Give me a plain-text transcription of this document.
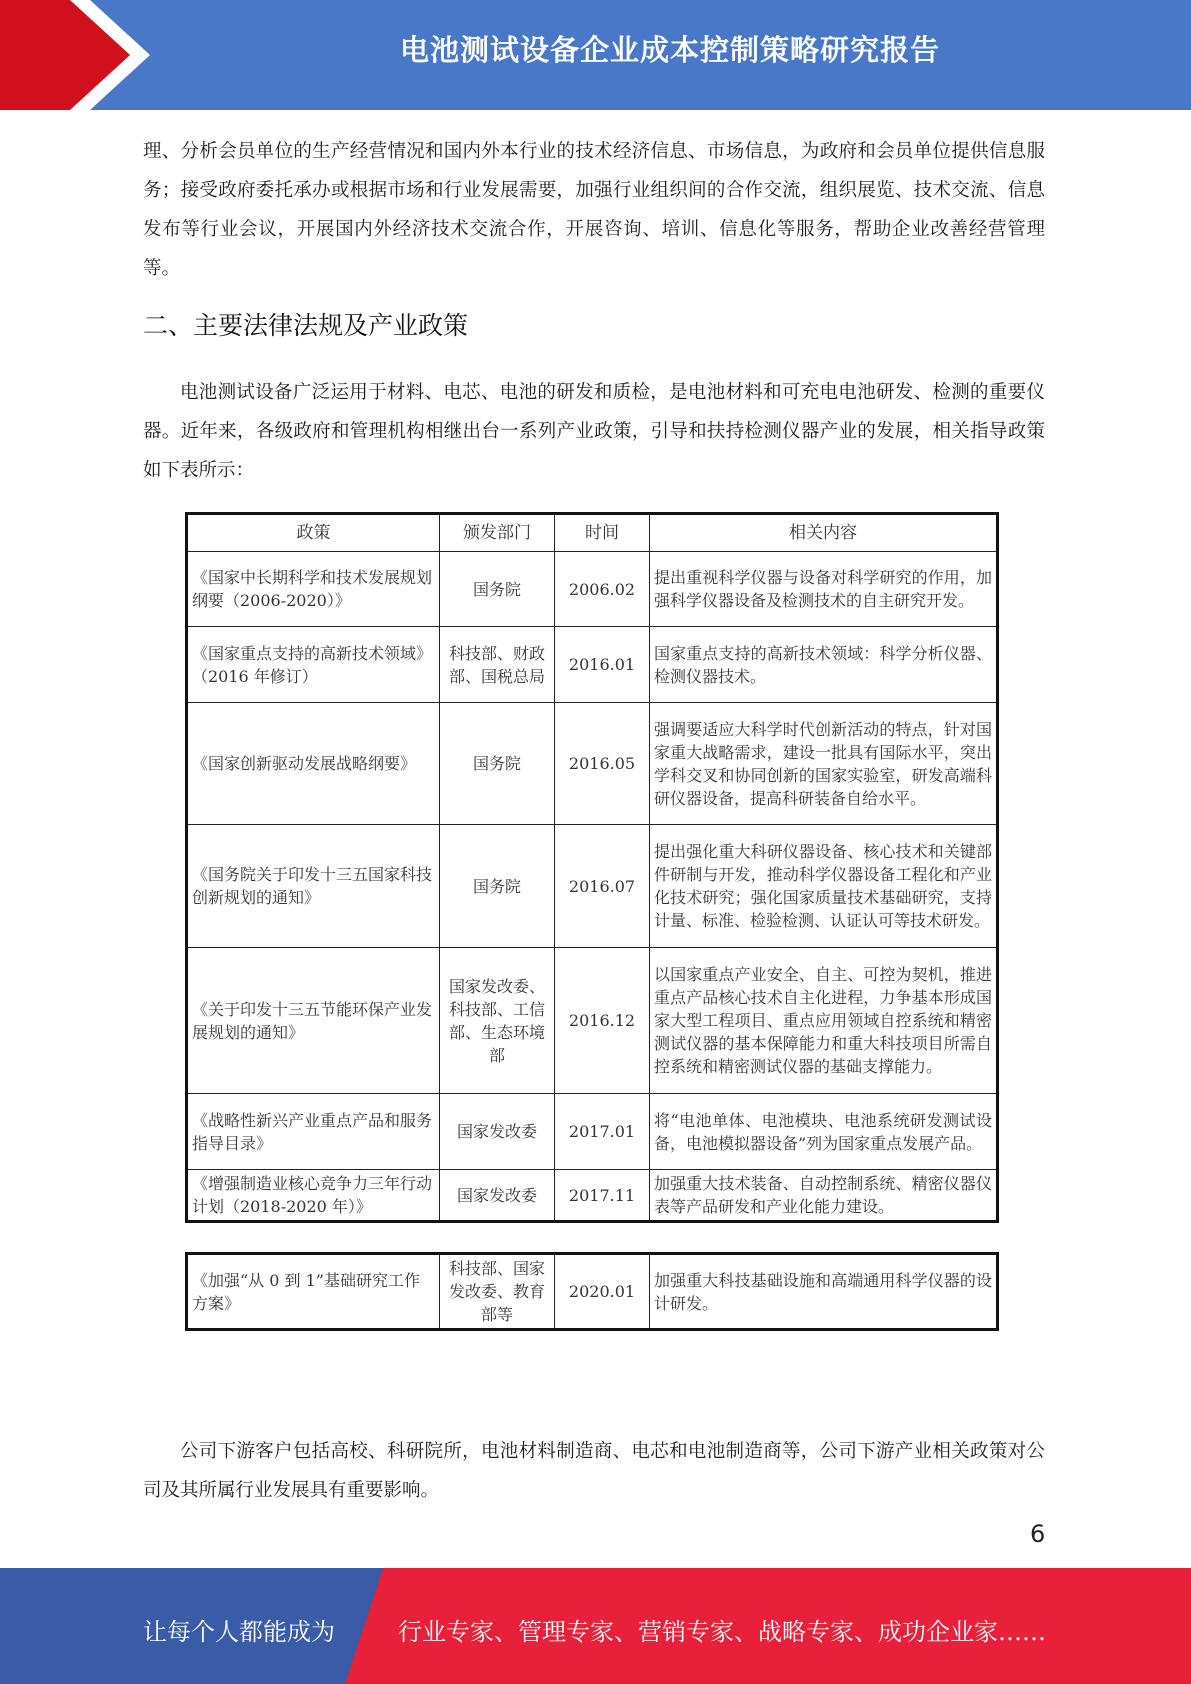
电池测试设备企业成本控制策略研究报告

理、分析会员单位的生产经营情况和国内外本行业的技术经济信息、市场信息，为政府和会员单位提供信息服务；接受政府委托承办或根据市场和行业发展需要，加强行业组织间的合作交流，组织展览、技术交流、信息发布等行业会议，开展国内外经济技术交流合作，开展咨询、培训、信息化等服务，帮助企业改善经营管理等。

二、主要法律法规及产业政策

电池测试设备广泛运用于材料、电芯、电池的研发和质检，是电池材料和可充电电池研发、检测的重要仪器。近年来，各级政府和管理机构相继出台一系列产业政策，引导和扶持检测仪器产业的发展，相关指导政策如下表所示：

政策	颁发部门	时间	相关内容
《国家中长期科学和技术发展规划纲要（2006-2020）》	国务院	2006.02	提出重视科学仪器与设备对科学研究的作用，加强科学仪器设备及检测技术的自主研究开发。
《国家重点支持的高新技术领域》（2016 年修订）	科技部、财政部、国税总局	2016.01	国家重点支持的高新技术领域：科学分析仪器、检测仪器技术。
《国家创新驱动发展战略纲要》	国务院	2016.05	强调要适应大科学时代创新活动的特点，针对国家重大战略需求，建设一批具有国际水平，突出学科交叉和协同创新的国家实验室，研发高端科研仪器设备，提高科研装备自给水平。
《国务院关于印发十三五国家科技创新规划的通知》	国务院	2016.07	提出强化重大科研仪器设备、核心技术和关键部件研制与开发，推动科学仪器设备工程化和产业化技术研究；强化国家质量技术基础研究，支持计量、标准、检验检测、认证认可等技术研发。
《关于印发十三五节能环保产业发展规划的通知》	国家发改委、科技部、工信部、生态环境部	2016.12	以国家重点产业安全、自主、可控为契机，推进重点产品核心技术自主化进程，力争基本形成国家大型工程项目、重点应用领域自控系统和精密测试仪器的基本保障能力和重大科技项目所需自控系统和精密测试仪器的基础支撑能力。
《战略性新兴产业重点产品和服务指导目录》	国家发改委	2017.01	将“电池单体、电池模块、电池系统研发测试设备，电池模拟器设备”列为国家重点发展产品。
《增强制造业核心竞争力三年行动计划（2018-2020 年）》	国家发改委	2017.11	加强重大技术装备、自动控制系统、精密仪器仪表等产品研发和产业化能力建设。
《加强“从 0 到 1”基础研究工作方案》	科技部、国家发改委、教育部等	2020.01	加强重大科技基础设施和高端通用科学仪器的设计研发。

公司下游客户包括高校、科研院所，电池材料制造商、电芯和电池制造商等，公司下游产业相关政策对公司及其所属行业发展具有重要影响。

6
让每个人都能成为	行业专家、管理专家、营销专家、战略专家、成功企业家……
